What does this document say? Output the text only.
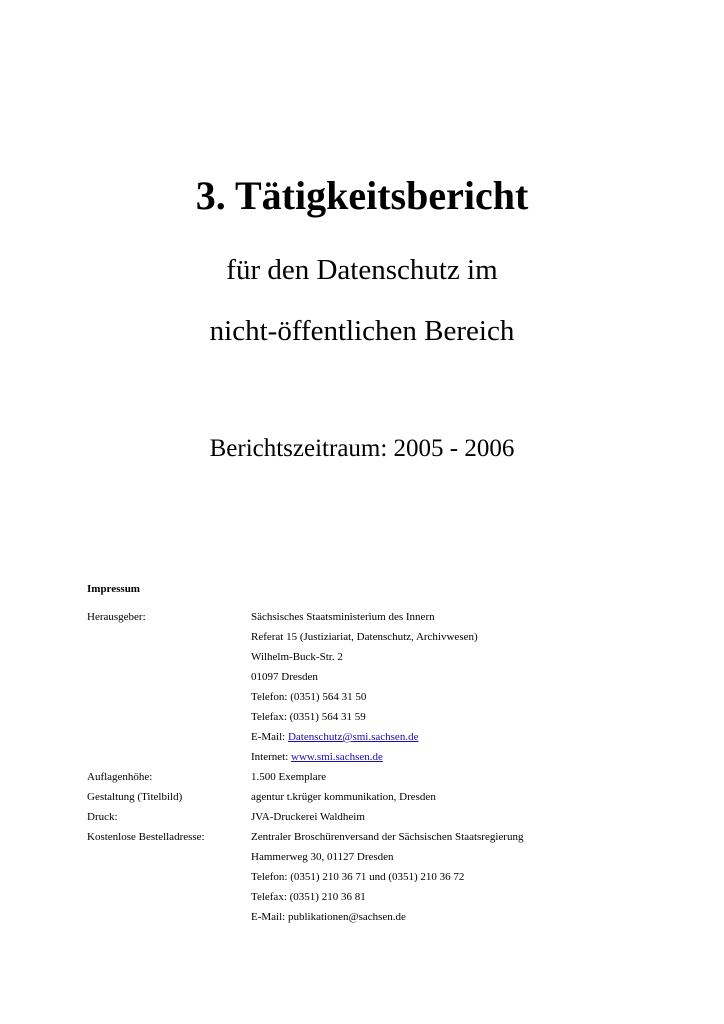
3. Tätigkeitsbericht
für den Datenschutz im
nicht-öffentlichen Bereich
Berichtszeitraum: 2005 - 2006
Impressum
Herausgeber:	Sächsisches Staatsministerium des Innern
Referat 15 (Justiziariat, Datenschutz, Archivwesen)
Wilhelm-Buck-Str. 2
01097 Dresden
Telefon: (0351) 564 31 50
Telefax: (0351) 564 31 59
E-Mail: Datenschutz@smi.sachsen.de
Internet: www.smi.sachsen.de
Auflagenhöhe:	1.500 Exemplare
Gestaltung (Titelbild)	agentur t.krüger kommunikation, Dresden
Druck:	JVA-Druckerei Waldheim
Kostenlose Bestelladresse:	Zentraler Broschürenversand der Sächsischen Staatsregierung
Hammerweg 30, 01127 Dresden
Telefon: (0351) 210 36 71 und (0351) 210 36 72
Telefax: (0351) 210 36 81
E-Mail: publikationen@sachsen.de
